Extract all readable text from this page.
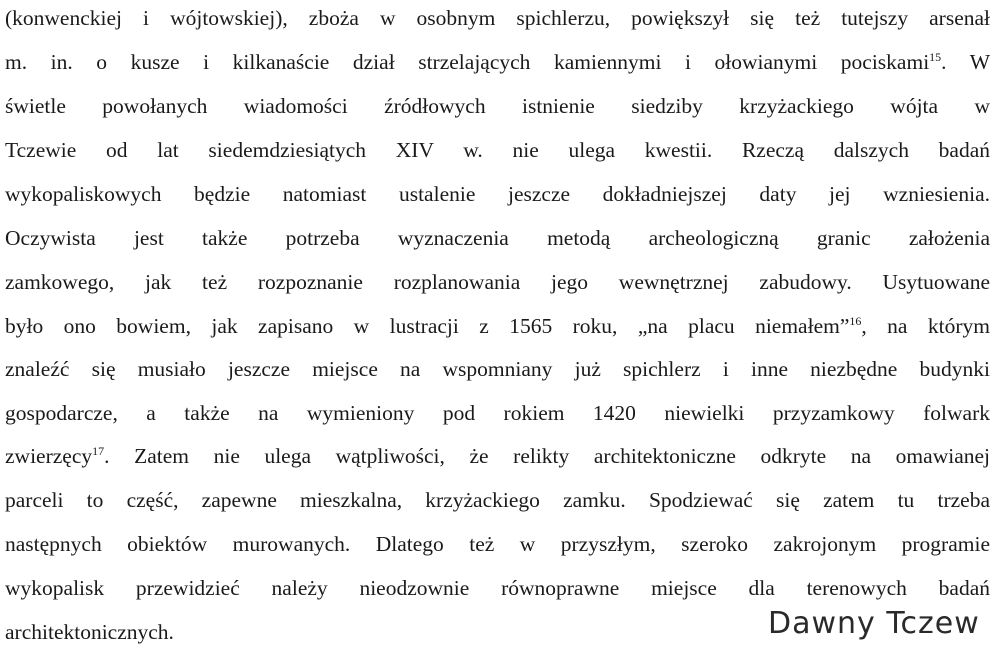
(konwenckiej i wójtowskiej), zboża w osobnym spichlerzu, powiększył się też tutejszy arsenał
m. in. o kusze i kilkanaście dział strzelających kamiennymi i ołowianymi pociskami$^{15}$. W
świetle powołanych wiadomości źródłowych istnienie siedziby krzyżackiego wójta w
Tczewie od lat siedemdziesiątych XIV w. nie ulega kwestii. Rzeczą dalszych badań
wykopaliskowych będzie natomiast ustalenie jeszcze dokładniejszej daty jej wzniesienia.
Oczywista jest także potrzeba wyznaczenia metodą archeologiczną granic założenia
zamkowego, jak też rozpoznanie rozplanowania jego wewnętrznej zabudowy. Usytuowane
było ono bowiem, jak zapisano w lustracji z 1565 roku, „na placu niemałem”$^{16}$, na którym
znaleźć się musiało jeszcze miejsce na wspomniany już spichlerz i inne niezbędne budynki
gospodarcze, a także na wymieniony pod rokiem 1420 niewielki przyzamkowy folwark
zwierzęcy$^{17}$. Zatem nie ulega wątpliwości, że relikty architektoniczne odkryte na omawianej
parceli to część, zapewne mieszkalna, krzyżackiego zamku. Spodziewać się zatem tu trzeba
następnych obiektów murowanych. Dlatego też w przyszłym, szeroko zakrojonym programie
wykopalisk przewidzieć należy nieodzownie równoprawne miejsce dla terenowych badań
architektonicznych.	Dawny Tczew
